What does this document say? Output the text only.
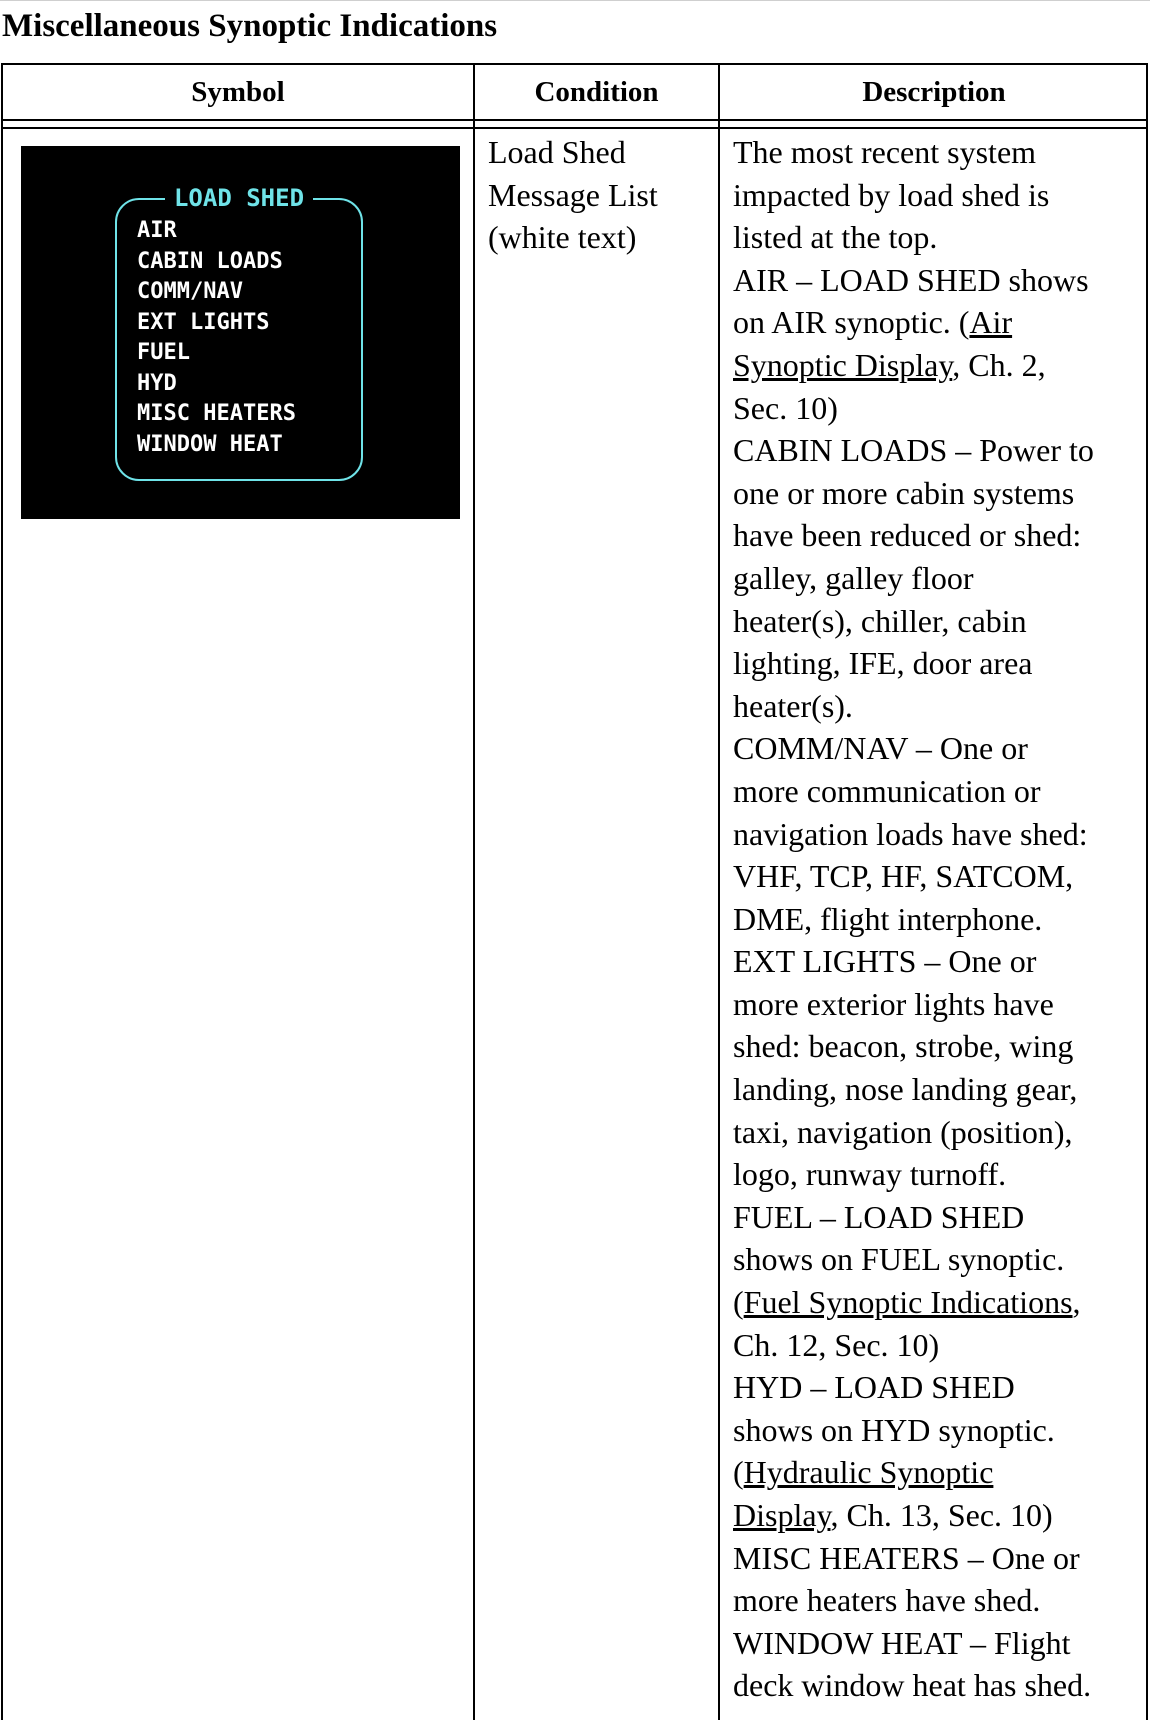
Miscellaneous Synoptic Indications
Symbol	Condition	Description
LOAD SHED
AIR
CABIN LOADS
COMM/NAV
EXT LIGHTS
FUEL
HYD
MISC HEATERS
WINDOW HEAT
Load Shed
Message List
(white text)
The most recent system
impacted by load shed is
listed at the top.
AIR – LOAD SHED shows
on AIR synoptic. (Air
Synoptic Display, Ch. 2,
Sec. 10)
CABIN LOADS – Power to
one or more cabin systems
have been reduced or shed:
galley, galley floor
heater(s), chiller, cabin
lighting, IFE, door area
heater(s).
COMM/NAV – One or
more communication or
navigation loads have shed:
VHF, TCP, HF, SATCOM,
DME, flight interphone.
EXT LIGHTS – One or
more exterior lights have
shed: beacon, strobe, wing
landing, nose landing gear,
taxi, navigation (position),
logo, runway turnoff.
FUEL – LOAD SHED
shows on FUEL synoptic.
(Fuel Synoptic Indications,
Ch. 12, Sec. 10)
HYD – LOAD SHED
shows on HYD synoptic.
(Hydraulic Synoptic
Display, Ch. 13, Sec. 10)
MISC HEATERS – One or
more heaters have shed.
WINDOW HEAT – Flight
deck window heat has shed.
